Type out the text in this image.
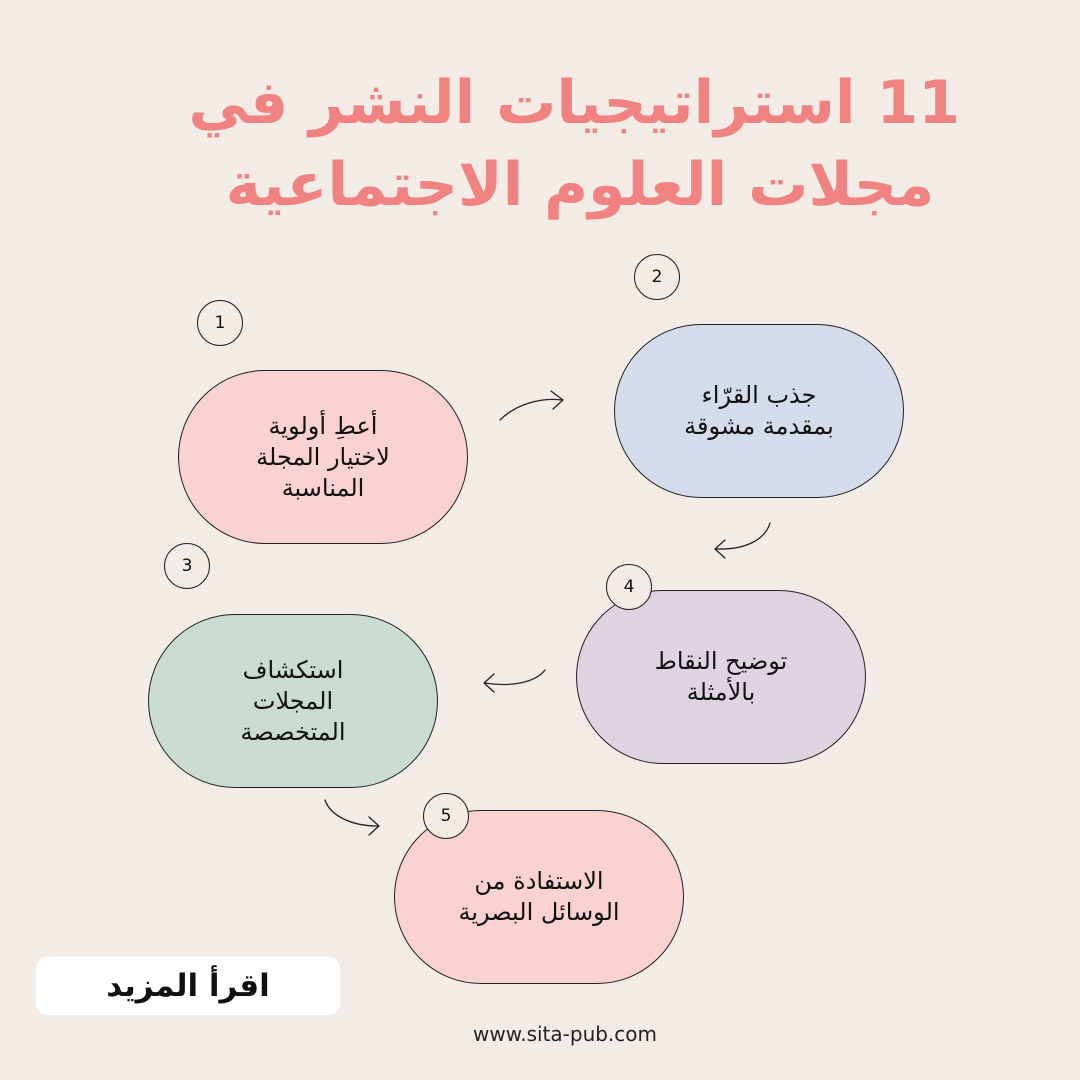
11 استراتيجيات النشر في
مجلات العلوم الاجتماعية
أعطِ أولوية
لاختيار المجلة
المناسبة
1
جذب القرّاء
بمقدمة مشوقة
2
استكشاف
المجلات
المتخصصة
3
توضيح النقاط
بالأمثلة
4
الاستفادة من
الوسائل البصرية
5
اقرأ المزيد
www.sita-pub.com
